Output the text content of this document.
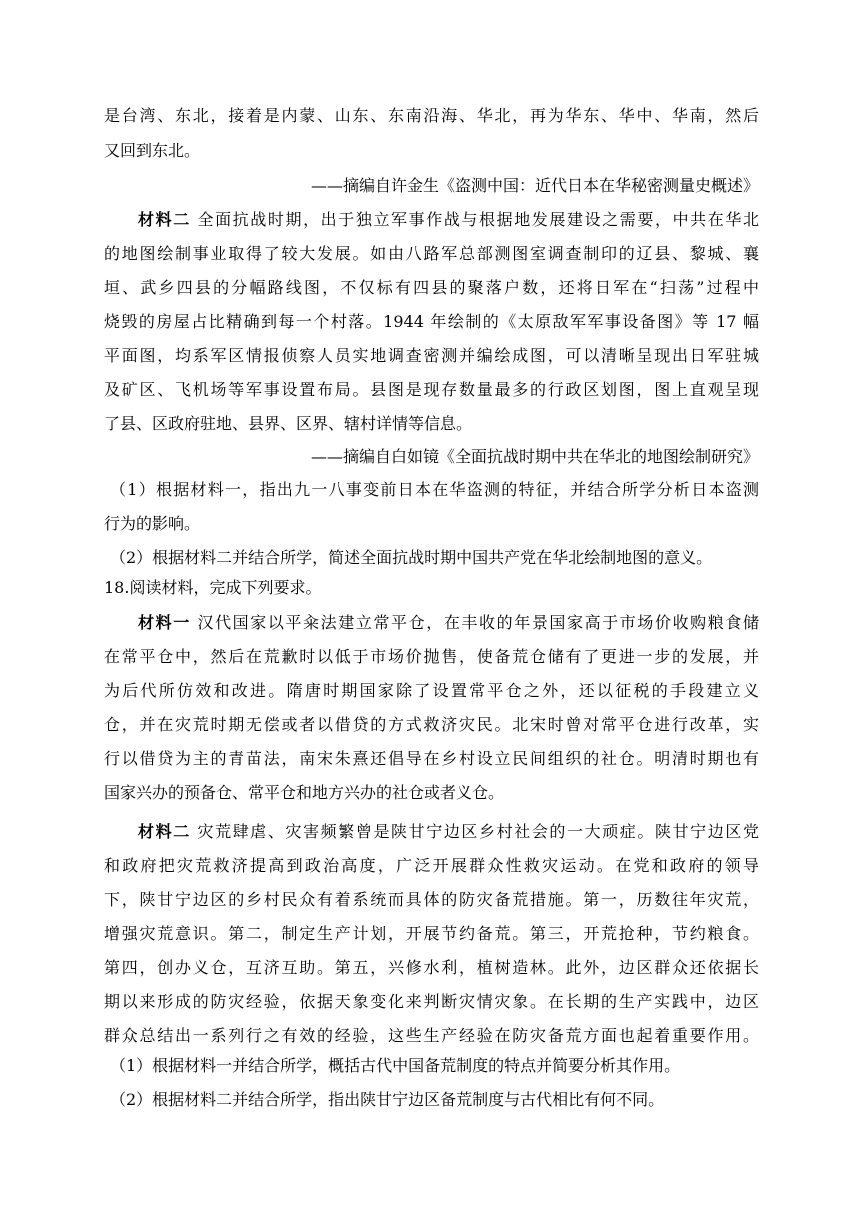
是台湾、东北，接着是内蒙、山东、东南沿海、华北，再为华东、华中、华南，然后
又回到东北。
——摘编自许金生《盗测中国：近代日本在华秘密测量史概述》
材料二 全面抗战时期，出于独立军事作战与根据地发展建设之需要，中共在华北
的地图绘制事业取得了较大发展。如由八路军总部测图室调查制印的辽县、黎城、襄
垣、武乡四县的分幅路线图，不仅标有四县的聚落户数，还将日军在“扫荡”过程中
烧毁的房屋占比精确到每一个村落。1944 年绘制的《太原敌军军事设备图》等 17 幅
平面图，均系军区情报侦察人员实地调查密测并编绘成图，可以清晰呈现出日军驻城
及矿区、飞机场等军事设置布局。县图是现存数量最多的行政区划图，图上直观呈现
了县、区政府驻地、县界、区界、辖村详情等信息。
——摘编自白如镜《全面抗战时期中共在华北的地图绘制研究》
（1）根据材料一，指出九一八事变前日本在华盗测的特征，并结合所学分析日本盗测
行为的影响。
（2）根据材料二并结合所学，简述全面抗战时期中国共产党在华北绘制地图的意义。
18.阅读材料，完成下列要求。
材料一 汉代国家以平籴法建立常平仓，在丰收的年景国家高于市场价收购粮食储
在常平仓中，然后在荒歉时以低于市场价抛售，使备荒仓储有了更进一步的发展，并
为后代所仿效和改进。隋唐时期国家除了设置常平仓之外，还以征税的手段建立义
仓，并在灾荒时期无偿或者以借贷的方式救济灾民。北宋时曾对常平仓进行改革，实
行以借贷为主的青苗法，南宋朱熹还倡导在乡村设立民间组织的社仓。明清时期也有
国家兴办的预备仓、常平仓和地方兴办的社仓或者义仓。
材料二 灾荒肆虐、灾害频繁曾是陕甘宁边区乡村社会的一大顽症。陕甘宁边区党
和政府把灾荒救济提高到政治高度，广泛开展群众性救灾运动。在党和政府的领导
下，陕甘宁边区的乡村民众有着系统而具体的防灾备荒措施。第一，历数往年灾荒，
增强灾荒意识。第二，制定生产计划，开展节约备荒。第三，开荒抢种，节约粮食。
第四，创办义仓，互济互助。第五，兴修水利，植树造林。此外，边区群众还依据长
期以来形成的防灾经验，依据天象变化来判断灾情灾象。在长期的生产实践中，边区
群众总结出一系列行之有效的经验，这些生产经验在防灾备荒方面也起着重要作用。
（1）根据材料一并结合所学，概括古代中国备荒制度的特点并简要分析其作用。
（2）根据材料二并结合所学，指出陕甘宁边区备荒制度与古代相比有何不同。
